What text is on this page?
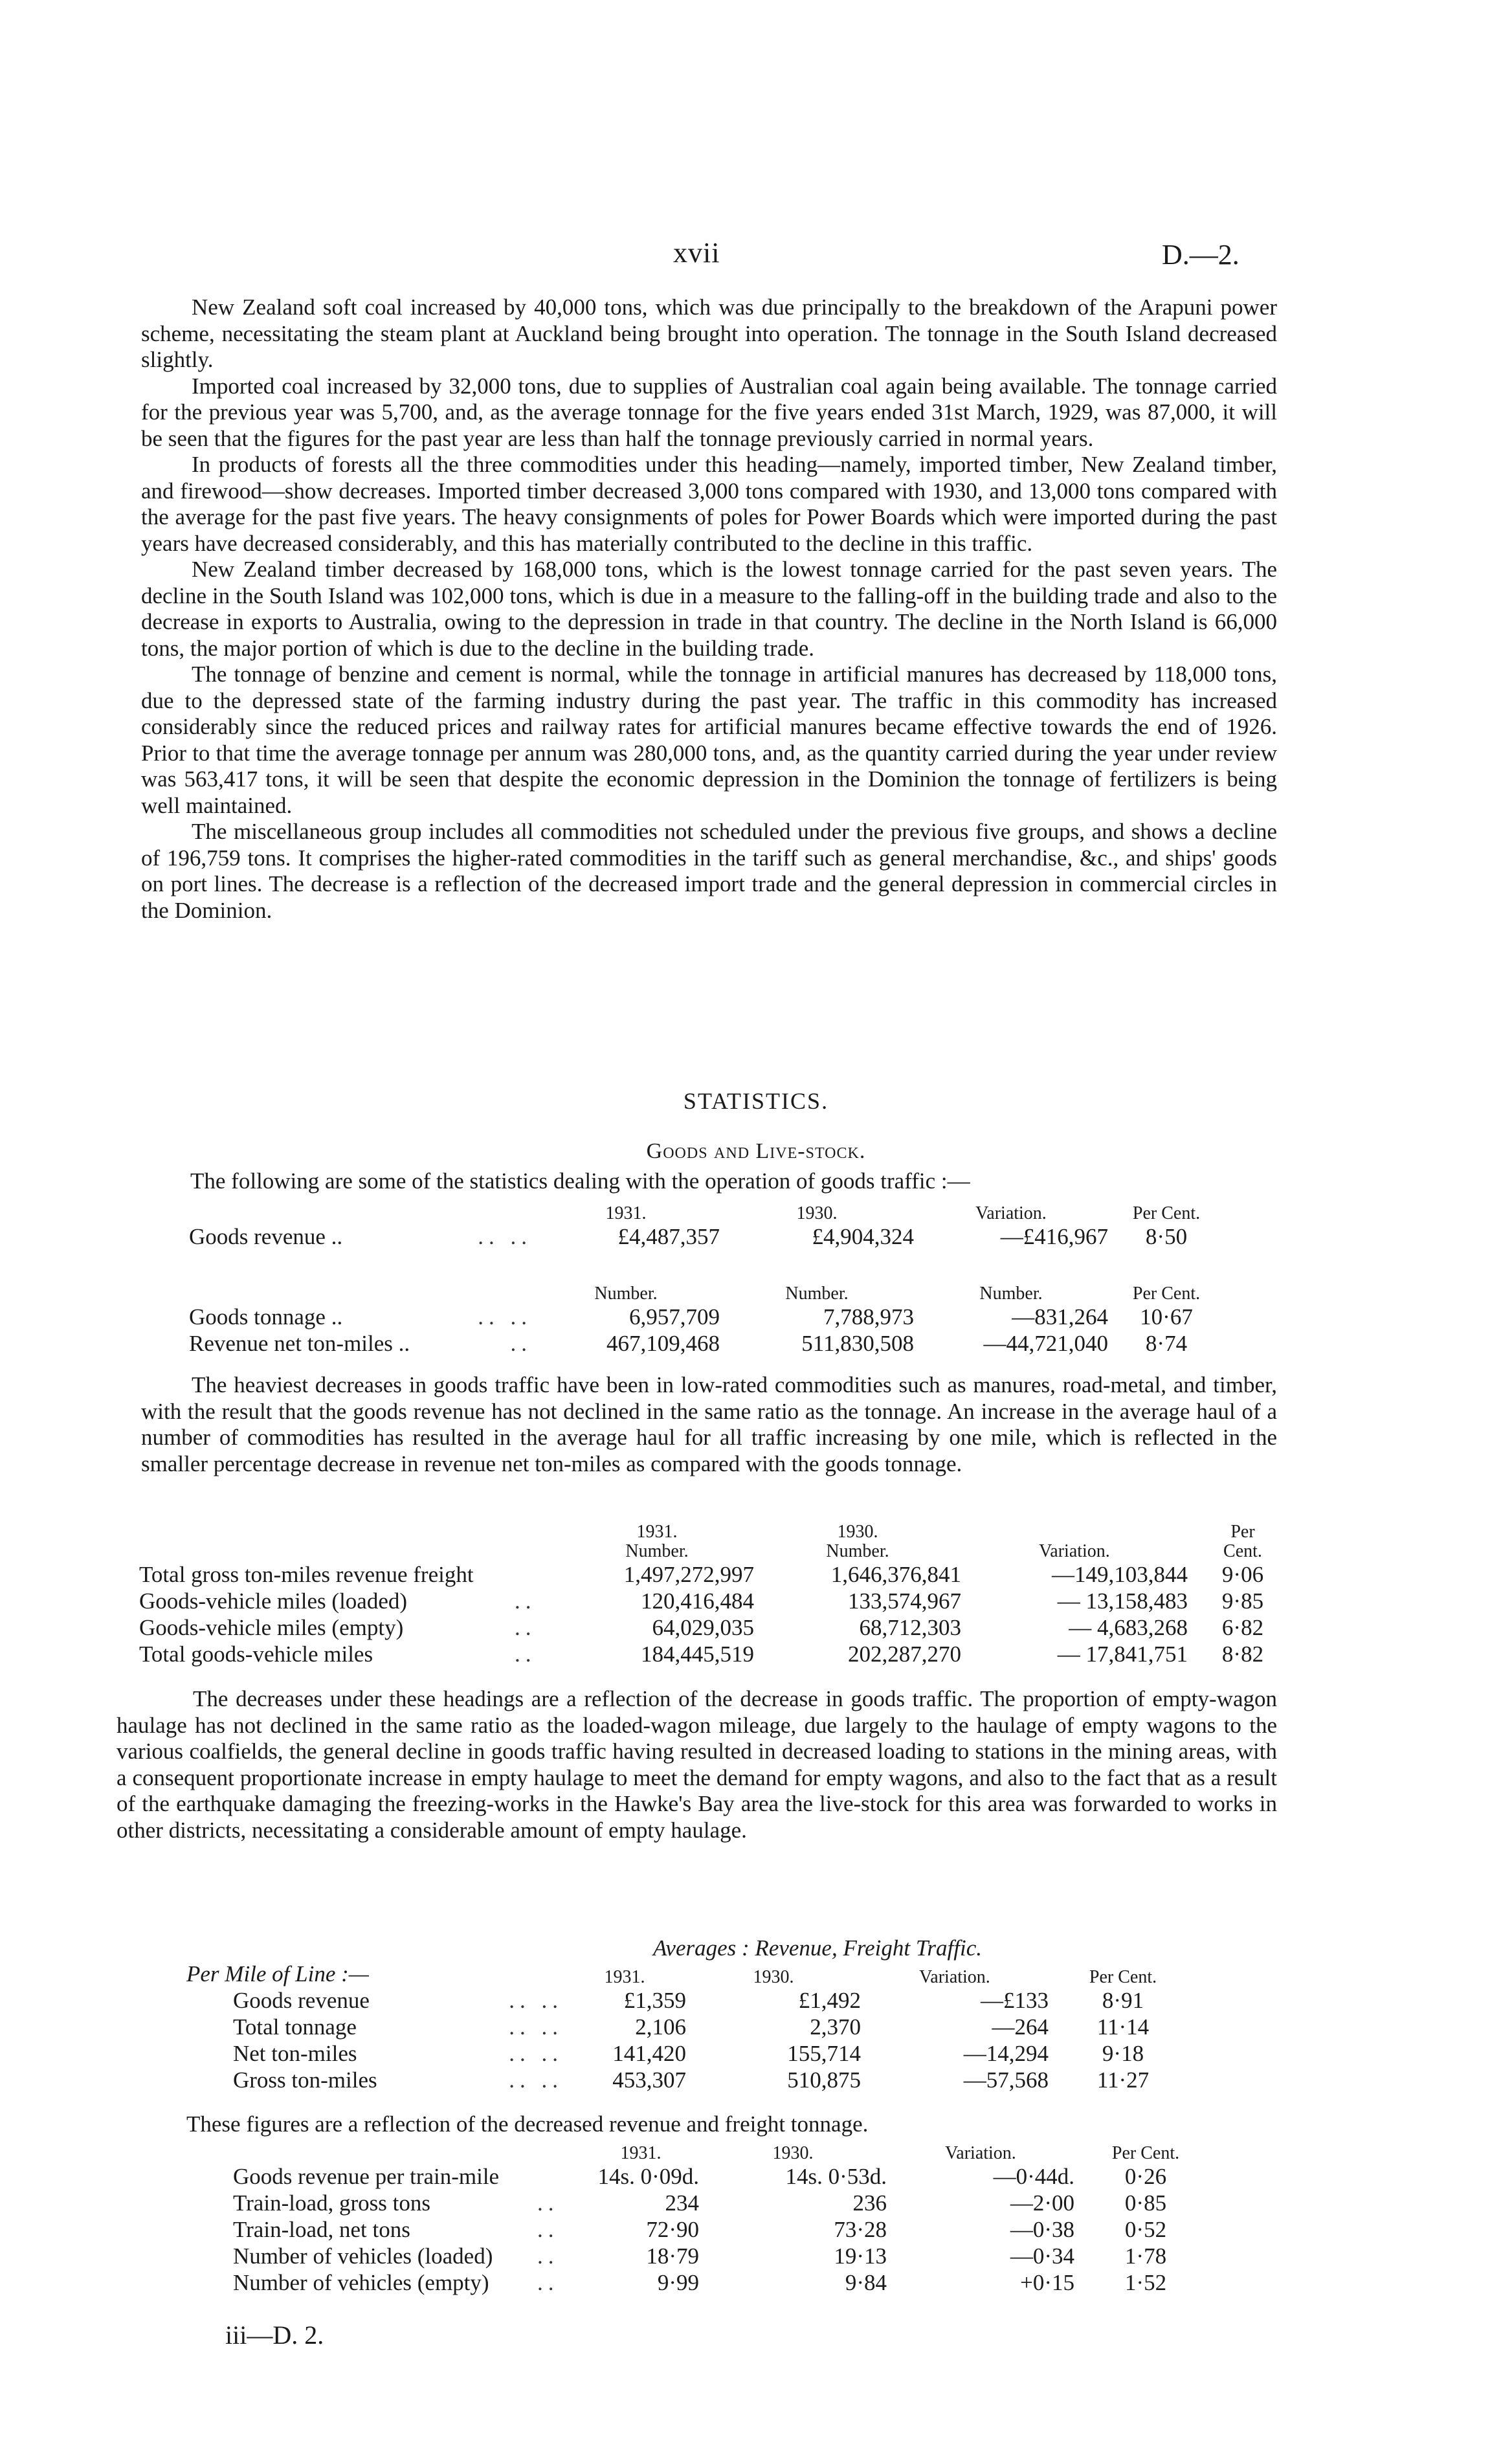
xvii	D.—2.

New Zealand soft coal increased by 40,000 tons, which was due principally to the breakdown of the Arapuni power scheme, necessitating the steam plant at Auckland being brought into operation. The tonnage in the South Island decreased slightly.

Imported coal increased by 32,000 tons, due to supplies of Australian coal again being available. The tonnage carried for the previous year was 5,700, and, as the average tonnage for the five years ended 31st March, 1929, was 87,000, it will be seen that the figures for the past year are less than half the tonnage previously carried in normal years.

In products of forests all the three commodities under this heading—namely, imported timber, New Zealand timber, and firewood—show decreases. Imported timber decreased 3,000 tons compared with 1930, and 13,000 tons compared with the average for the past five years. The heavy consignments of poles for Power Boards which were imported during the past years have decreased considerably, and this has materially contributed to the decline in this traffic.

New Zealand timber decreased by 168,000 tons, which is the lowest tonnage carried for the past seven years. The decline in the South Island was 102,000 tons, which is due in a measure to the falling-off in the building trade and also to the decrease in exports to Australia, owing to the depression in trade in that country. The decline in the North Island is 66,000 tons, the major portion of which is due to the decline in the building trade.

The tonnage of benzine and cement is normal, while the tonnage in artificial manures has decreased by 118,000 tons, due to the depressed state of the farming industry during the past year. The traffic in this commodity has increased considerably since the reduced prices and railway rates for artificial manures became effective towards the end of 1926. Prior to that time the average tonnage per annum was 280,000 tons, and, as the quantity carried during the year under review was 563,417 tons, it will be seen that despite the economic depression in the Dominion the tonnage of fertilizers is being well maintained.

The miscellaneous group includes all commodities not scheduled under the previous five groups, and shows a decline of 196,759 tons. It comprises the higher-rated commodities in the tariff such as general merchandise, &c., and ships' goods on port lines. The decrease is a reflection of the decreased import trade and the general depression in commercial circles in the Dominion.

STATISTICS.
Goods and Live-stock.
The following are some of the statistics dealing with the operation of goods traffic :—
		1931.	1930.	Variation.	Per Cent.
Goods revenue ..	.. ..	£4,487,357	£4,904,324	—£416,967	8·50
		Number.	Number.	Number.	Per Cent.
Goods tonnage ..	.. ..	6,957,709	7,788,973	—831,264	10·67
Revenue net ton-miles ..	..	467,109,468	511,830,508	—44,721,040	8·74

The heaviest decreases in goods traffic have been in low-rated commodities such as manures, road-metal, and timber, with the result that the goods revenue has not declined in the same ratio as the tonnage. An increase in the average haul of a number of commodities has resulted in the average haul for all traffic increasing by one mile, which is reflected in the smaller percentage decrease in revenue net ton-miles as compared with the goods tonnage.

		1931.	1930.		Per
		Number.	Number.	Variation.	Cent.
Total gross ton-miles revenue freight		1,497,272,997	1,646,376,841	—149,103,844	9·06
Goods-vehicle miles (loaded)	..	120,416,484	133,574,967	— 13,158,483	9·85
Goods-vehicle miles (empty)	..	64,029,035	68,712,303	— 4,683,268	6·82
Total goods-vehicle miles	..	184,445,519	202,287,270	— 17,841,751	8·82

The decreases under these headings are a reflection of the decrease in goods traffic. The proportion of empty-wagon haulage has not declined in the same ratio as the loaded-wagon mileage, due largely to the haulage of empty wagons to the various coalfields, the general decline in goods traffic having resulted in decreased loading to stations in the mining areas, with a consequent proportionate increase in empty haulage to meet the demand for empty wagons, and also to the fact that as a result of the earthquake damaging the freezing-works in the Hawke's Bay area the live-stock for this area was forwarded to works in other districts, necessitating a considerable amount of empty haulage.

Averages : Revenue, Freight Traffic.
Per Mile of Line :—
			1931.	1930.	Variation.	Per Cent.
Goods revenue	.. ..	£1,359	£1,492	—£133	8·91
Total tonnage	.. ..	2,106	2,370	—264	11·14
Net ton-miles	.. ..	141,420	155,714	—14,294	9·18
Gross ton-miles	.. ..	453,307	510,875	—57,568	11·27
These figures are a reflection of the decreased revenue and freight tonnage.
		1931.	1930.	Variation.	Per Cent.
Goods revenue per train-mile		14s. 0·09d.	14s. 0·53d.	—0·44d.	0·26
Train-load, gross tons	..	234	236	—2·00	0·85
Train-load, net tons	..	72·90	73·28	—0·38	0·52
Number of vehicles (loaded)	..	18·79	19·13	—0·34	1·78
Number of vehicles (empty)	..	9·99	9·84	+0·15	1·52
iii—D. 2.
